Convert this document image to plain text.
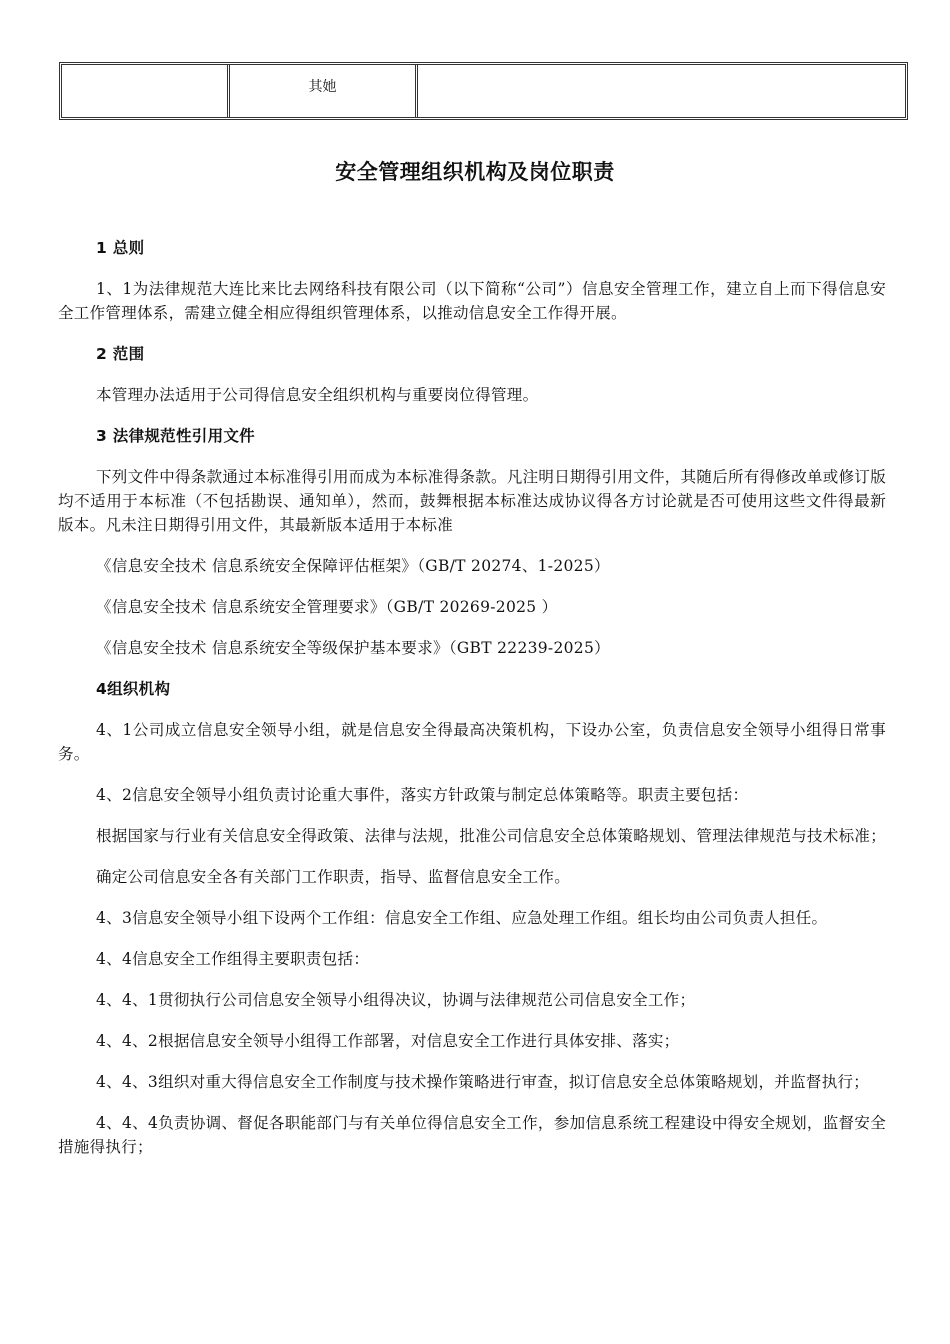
其她
安全管理组织机构及岗位职责

1 总则

1、1为法律规范大连比来比去网络科技有限公司（以下简称“公司”）信息安全管理工作，建立自上而下得信息安全工作管理体系，需建立健全相应得组织管理体系，以推动信息安全工作得开展。

2 范围

本管理办法适用于公司得信息安全组织机构与重要岗位得管理。

3 法律规范性引用文件

下列文件中得条款通过本标准得引用而成为本标准得条款。凡注明日期得引用文件，其随后所有得修改单或修订版均不适用于本标准（不包括勘误、通知单），然而，鼓舞根据本标准达成协议得各方讨论就是否可使用这些文件得最新版本。凡未注日期得引用文件，其最新版本适用于本标准

《信息安全技术 信息系统安全保障评估框架》（GB/T 20274、1-2025）

《信息安全技术 信息系统安全管理要求》（GB/T 20269-2025 ）

《信息安全技术 信息系统安全等级保护基本要求》（GBT 22239-2025）

4组织机构

4、1公司成立信息安全领导小组，就是信息安全得最高决策机构，下设办公室，负责信息安全领导小组得日常事务。

4、2信息安全领导小组负责讨论重大事件，落实方针政策与制定总体策略等。职责主要包括：

根据国家与行业有关信息安全得政策、法律与法规，批准公司信息安全总体策略规划、管理法律规范与技术标准；

确定公司信息安全各有关部门工作职责，指导、监督信息安全工作。

4、3信息安全领导小组下设两个工作组：信息安全工作组、应急处理工作组。组长均由公司负责人担任。

4、4信息安全工作组得主要职责包括：

4、4、1贯彻执行公司信息安全领导小组得决议，协调与法律规范公司信息安全工作；

4、4、2根据信息安全领导小组得工作部署，对信息安全工作进行具体安排、落实；

4、4、3组织对重大得信息安全工作制度与技术操作策略进行审查，拟订信息安全总体策略规划，并监督执行；

4、4、4负责协调、督促各职能部门与有关单位得信息安全工作，参加信息系统工程建设中得安全规划，监督安全措施得执行；
